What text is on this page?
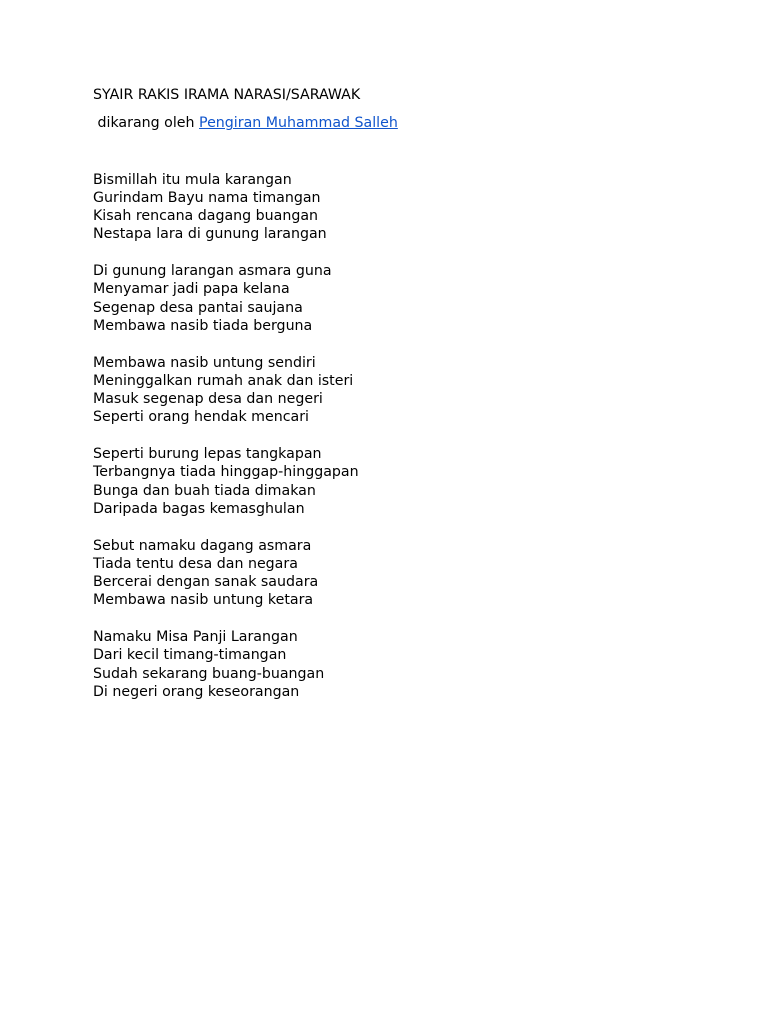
SYAIR RAKIS IRAMA NARASI/SARAWAK
dikarang oleh Pengiran Muhammad Salleh
Bismillah itu mula karangan
Gurindam Bayu nama timangan
Kisah rencana dagang buangan
Nestapa lara di gunung larangan
Di gunung larangan asmara guna
Menyamar jadi papa kelana
Segenap desa pantai saujana
Membawa nasib tiada berguna
Membawa nasib untung sendiri
Meninggalkan rumah anak dan isteri
Masuk segenap desa dan negeri
Seperti orang hendak mencari
Seperti burung lepas tangkapan
Terbangnya tiada hinggap-hinggapan
Bunga dan buah tiada dimakan
Daripada bagas kemasghulan
Sebut namaku dagang asmara
Tiada tentu desa dan negara
Bercerai dengan sanak saudara
Membawa nasib untung ketara
Namaku Misa Panji Larangan
Dari kecil timang-timangan
Sudah sekarang buang-buangan
Di negeri orang keseorangan
